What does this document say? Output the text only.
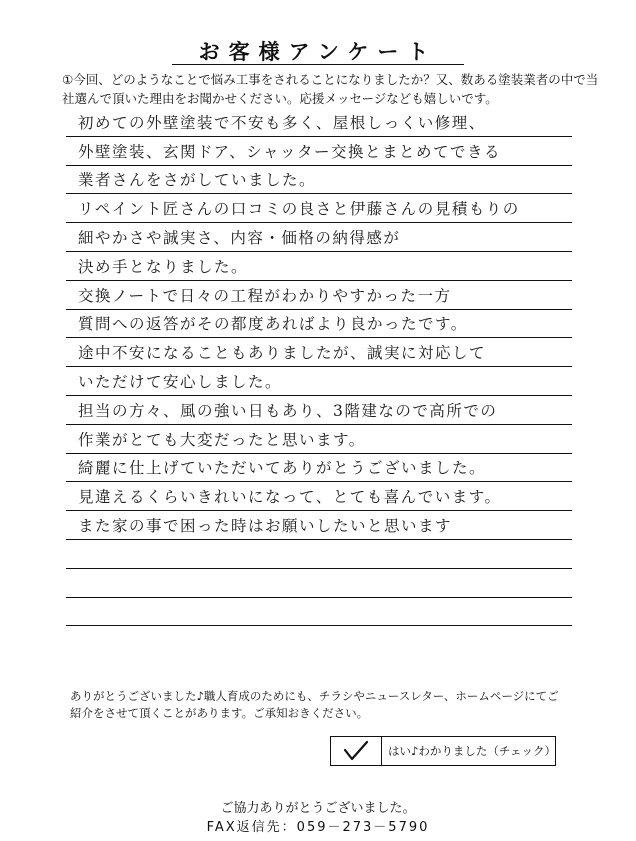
お客様アンケート
①今回、どのようなことで悩み工事をされることになりましたか？又、数ある塗装業者の中で当社選んで頂いた理由をお聞かせください。応援メッセージなども嬉しいです。
初めての外壁塗装で不安も多く、屋根しっくい修理、
外壁塗装、玄関ドア、シャッター交換とまとめてできる
業者さんをさがしていました。
リペイント匠さんの口コミの良さと伊藤さんの見積もりの
細やかさや誠実さ、内容・価格の納得感が
決め手となりました。
交換ノートで日々の工程がわかりやすかった一方
質問への返答がその都度あればより良かったです。
途中不安になることもありましたが、誠実に対応して
いただけて安心しました。
担当の方々、風の強い日もあり、3階建なので高所での
作業がとても大変だったと思います。
綺麗に仕上げていただいてありがとうございました。
見違えるくらいきれいになって、とても喜んでいます。
また家の事で困った時はお願いしたいと思います
ありがとうございました♪職人育成のためにも、チラシやニュースレター、ホームページにてご紹介をさせて頂くことがあります。ご承知おきください。
はい♪わかりました（チェック）
ご協力ありがとうございました。
FAX返信先：059－273－5790
